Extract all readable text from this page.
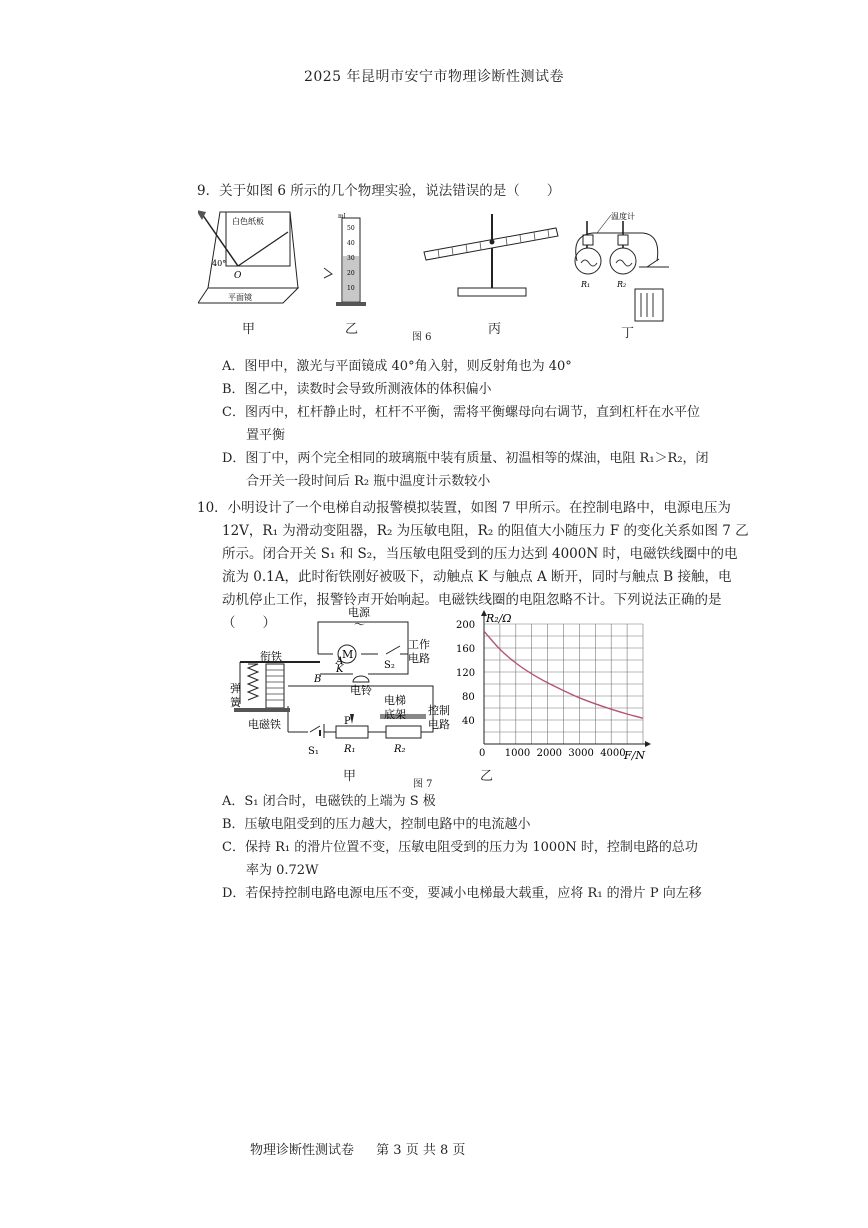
2025 年昆明市安宁市物理诊断性测试卷
9．关于如图 6 所示的几个物理实验，说法错误的是（　　）
白色纸板
40°
O
平面镜
ml
50
40
30
20
10
温度计
R₁	R₂
甲	乙
图 6
丙	丁
A．图甲中，激光与平面镜成 40°角入射，则反射角也为 40°
B．图乙中，读数时会导致所测液体的体积偏小
C．图丙中，杠杆静止时，杠杆不平衡，需将平衡螺母向右调节，直到杠杆在水平位
置平衡
D．图丁中，两个完全相同的玻璃瓶中装有质量、初温相等的煤油，电阻 R₁＞R₂，闭
合开关一段时间后 R₂ 瓶中温度计示数较小
10．小明设计了一个电梯自动报警模拟装置，如图 7 甲所示。在控制电路中，电源电压为
12V，R₁ 为滑动变阻器，R₂ 为压敏电阻，R₂ 的阻值大小随压力 F 的变化关系如图 7 乙
所示。闭合开关 S₁ 和 S₂，当压敏电阻受到的压力达到 4000N 时，电磁铁线圈中的电
流为 0.1A，此时衔铁刚好被吸下，动触点 K 与触点 A 断开，同时与触点 B 接触，电
动机停止工作，报警铃声开始响起。电磁铁线圈的电阻忽略不计。下列说法正确的是
（　　）
电源
～
M
S₂
工作
电路
衔铁	A
K
B
电铃
弹
簧
电磁铁
电梯
底架 控制
电路
P
S₁	R₁	R₂	1000 2000 3000 4000
200
160
120
80
40
R₂/Ω
F/N
0
甲
图 7
乙
A．S₁ 闭合时，电磁铁的上端为 S 极
B．压敏电阻受到的压力越大，控制电路中的电流越小
C．保持 R₁ 的滑片位置不变，压敏电阻受到的压力为 1000N 时，控制电路的总功
率为 0.72W
D．若保持控制电路电源电压不变，要减小电梯最大载重，应将 R₁ 的滑片 P 向左移
物理诊断性测试卷 第 3 页 共 8 页
